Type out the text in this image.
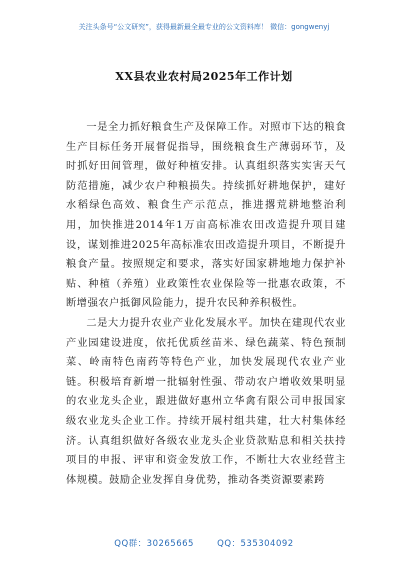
关注头条号“公文研究”，获得最新最全最专业的公文资料库！ 微信：gongwenyj
XX县农业农村局2025年工作计划

一是全力抓好粮食生产及保障工作。对照市下达的粮食生产目标任务开展督促指导，围绕粮食生产薄弱环节，及时抓好田间管理，做好种植安排。认真组织落实实害天气防范措施，减少农户种粮损失。持续抓好耕地保护，建好水稻绿色高效、粮食生产示范点，推进撂荒耕地整治利用，加快推进2014年1万亩高标准农田改造提升项目建设，谋划推进2025年高标准农田改造提升项目，不断提升粮食产量。按照规定和要求，落实好国家耕地地力保护补贴、种植（养殖）业政策性农业保险等一批惠农政策，不断增强农户抵御风险能力，提升农民种养积极性。

二是大力提升农业产业化发展水平。加快在建现代农业产业园建设进度，依托优质丝苗米、绿色蔬菜、特色预制菜、岭南特色南药等特色产业，加快发展现代农业产业链。积极培育新增一批辐射性强、带动农户增收效果明显的农业龙头企业，跟进做好惠州立华禽有限公司申报国家级农业龙头企业工作。持续开展村组共建，壮大村集体经济。认真组织做好各级农业龙头企业贷款贴息和相关扶持项目的申报、评审和资金发放工作，不断壮大农业经营主体规模。鼓励企业发挥自身优势，推动各类资源要素跨

QQ群：30265665	QQ：535304092
